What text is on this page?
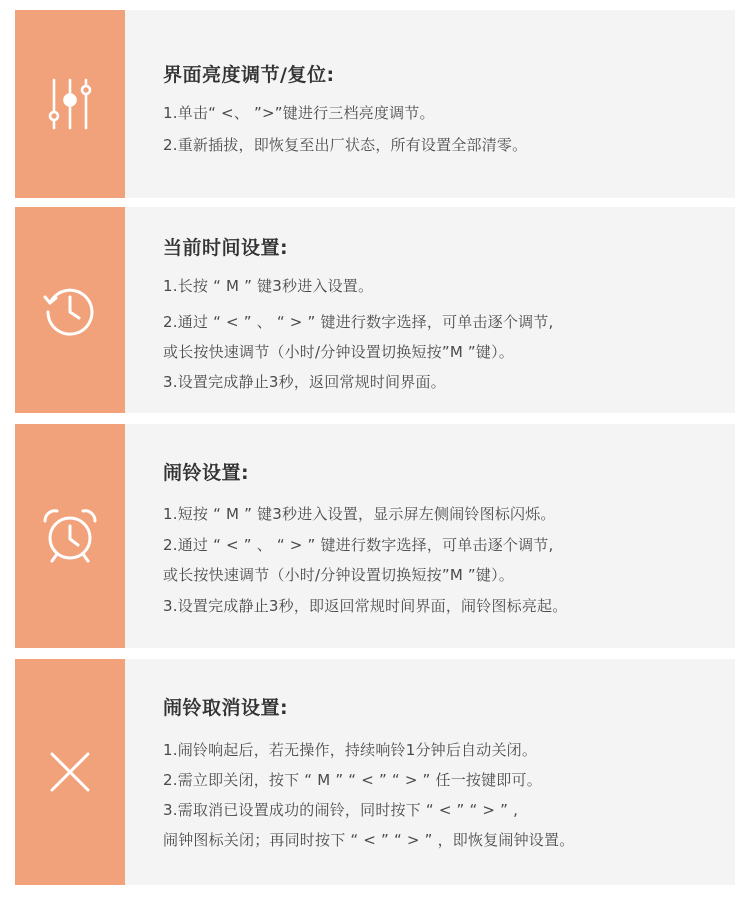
界面亮度调节/复位:
1.单击“ <、 ”>”键进行三档亮度调节。
2.重新插拔，即恢复至出厂状态，所有设置全部清零。
当前时间设置:
1.长按 “ M ” 键3秒进入设置。
2.通过 “ < ” 、 “ > ” 键进行数字选择，可单击逐个调节,
或长按快速调节（小时/分钟设置切换短按”M ”键）。
3.设置完成静止3秒，返回常规时间界面。
闹铃设置:
1.短按 “ M ” 键3秒进入设置，显示屏左侧闹铃图标闪烁。
2.通过 “ < ” 、 “ > ” 键进行数字选择，可单击逐个调节,
或长按快速调节（小时/分钟设置切换短按”M ”键）。
3.设置完成静止3秒，即返回常规时间界面，闹铃图标亮起。
闹铃取消设置:
1.闹铃响起后，若无操作，持续响铃1分钟后自动关闭。
2.需立即关闭，按下 “ M ” “ < ” “ > ” 任一按键即可。
3.需取消已设置成功的闹铃，同时按下 “ < ” “ > ” ,
闹钟图标关闭；再同时按下 “ < ” “ > ” ，即恢复闹钟设置。
